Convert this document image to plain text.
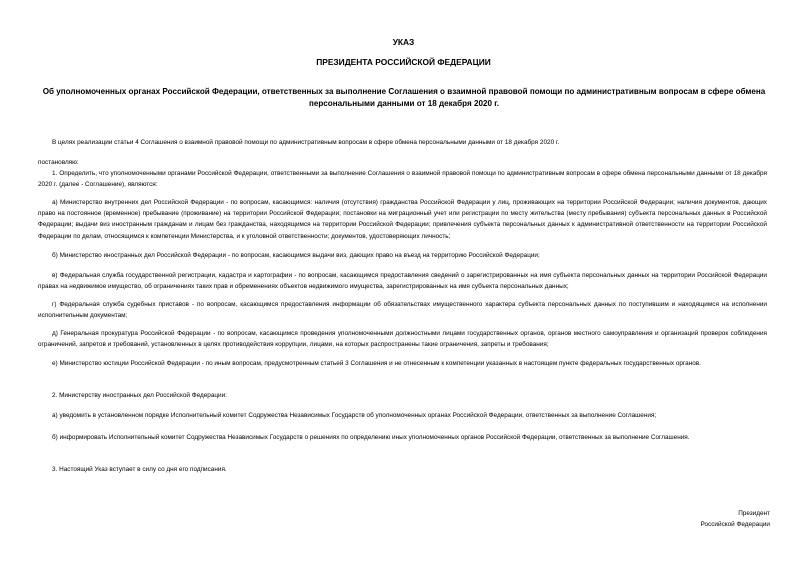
УКАЗ
ПРЕЗИДЕНТА РОССИЙСКОЙ ФЕДЕРАЦИИ
Об уполномоченных органах Российской Федерации, ответственных за выполнение Соглашения о взаимной правовой помощи по административным вопросам в сфере обмена персональными данными от 18 декабря 2020 г.

В целях реализации статьи 4 Соглашения о взаимной правовой помощи по административным вопросам в сфере обмена персональными данными от 18 декабря 2020 г.

постановляю:

1. Определить, что уполномоченными органами Российской Федерации, ответственными за выполнение Соглашения о взаимной правовой помощи по административным вопросам в сфере обмена персональными данными от 18 декабря 2020 г. (далее - Соглашение), являются:

а) Министерство внутренних дел Российской Федерации - по вопросам, касающимся: наличия (отсутствия) гражданства Российской Федерации у лиц, проживающих на территории Российской Федерации; наличия документов, дающих право на постоянное (временное) пребывание (проживание) на территории Российской Федерации; постановки на миграционный учет или регистрации по месту жительства (месту пребывания) субъекта персональных данных в Российской Федерации; выдачи виз иностранным гражданам и лицам без гражданства, находящимся на территории Российской Федерации; привлечения субъекта персональных данных к административной ответственности на территории Российской Федерации по делам, относящимся к компетенции Министерства, и к уголовной ответственности; документов, удостоверяющих личность;

б) Министерство иностранных дел Российской Федерации - по вопросам, касающимся выдачи виз, дающих право на въезд на территорию Российской Федерации;

в) Федеральная служба государственной регистрации, кадастра и картографии - по вопросам, касающимся предоставления сведений о зарегистрированных на имя субъекта персональных данных на территории Российской Федерации правах на недвижимое имущество, об ограничениях таких прав и обременениях объектов недвижимого имущества, зарегистрированных на имя субъекта персональных данных;

г) Федеральная служба судебных приставов - по вопросам, касающимся предоставления информации об обязательствах имущественного характера субъекта персональных данных по поступившим и находящимся на исполнении исполнительным документам;

д) Генеральная прокуратура Российской Федерации - по вопросам, касающимся проведения уполномоченными должностными лицами государственных органов, органов местного самоуправления и организаций проверок соблюдения ограничений, запретов и требований, установленных в целях противодействия коррупции, лицами, на которых распространены такие ограничения, запреты и требования;

е) Министерство юстиции Российской Федерации - по иным вопросам, предусмотренным статьей 3 Соглашения и не отнесенным к компетенции указанных в настоящем пункте федеральных государственных органов.

2. Министерству иностранных дел Российской Федерации:

а) уведомить в установленном порядке Исполнительный комитет Содружества Независимых Государств об уполномоченных органах Российской Федерации, ответственных за выполнение Соглашения;

б) информировать Исполнительный комитет Содружества Независимых Государств о решениях по определению иных уполномоченных органов Российской Федерации, ответственных за выполнение Соглашения.

3. Настоящий Указ вступает в силу со дня его подписания.

Президент
Российской Федерации
